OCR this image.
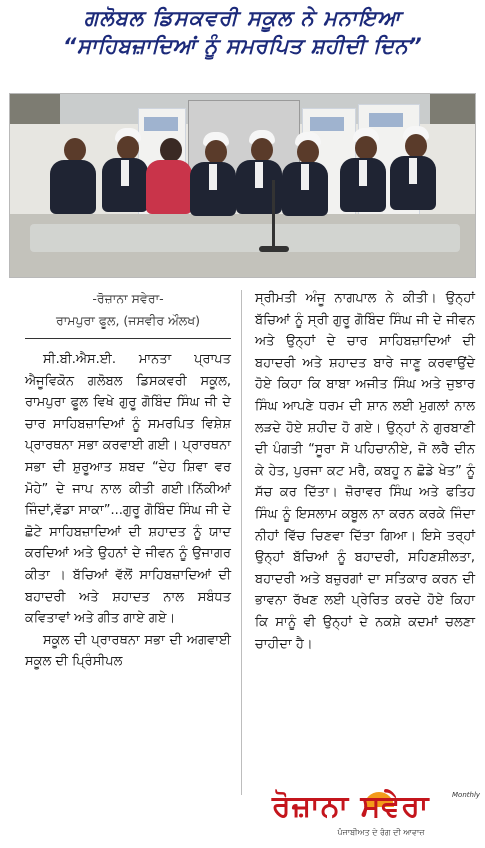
ਗਲੋਬਲ ਡਿਸਕਵਰੀ ਸਕੂਲ ਨੇ ਮਨਾਇਆ
“ਸਾਹਿਬਜ਼ਾਦਿਆਂ ਨੂੰ ਸਮਰਪਿਤ ਸ਼ਹੀਦੀ ਦਿਨ”
-ਰੋਜ਼ਾਨਾ ਸਵੇਰਾ-
ਰਾਮਪੁਰਾ ਫੂਲ, (ਜਸਵੀਰ ਔਲਖ)

ਸੀ.ਬੀ.ਐਸ.ਈ. ਮਾਨਤਾ ਪ੍ਰਾਪਤ ਐਜੂਵਿਕੋਨ ਗਲੋਬਲ ਡਿਸਕਵਰੀ ਸਕੂਲ, ਰਾਮਪੁਰਾ ਫੂਲ ਵਿਖੇ ਗੁਰੂ ਗੋਬਿੰਦ ਸਿੰਘ ਜੀ ਦੇ ਚਾਰ ਸਾਹਿਬਜ਼ਾਦਿਆਂ ਨੂੰ ਸਮਰਪਿਤ ਵਿਸ਼ੇਸ਼ ਪ੍ਰਾਰਥਨਾ ਸਭਾ ਕਰਵਾਈ ਗਈ। ਪ੍ਰਾਰਥਨਾ ਸਭਾ ਦੀ ਸ਼ੁਰੂਆਤ ਸ਼ਬਦ “ਦੇਹ ਸ਼ਿਵਾ ਵਰ ਮੋਹੇ” ਦੇ ਜਾਪ ਨਾਲ ਕੀਤੀ ਗਈ।ਨਿੱਕੀਆਂ ਜਿੰਦਾਂ,ਵੱਡਾ ਸਾਕਾ”...ਗੁਰੂ ਗੋਬਿੰਦ ਸਿੰਘ ਜੀ ਦੇ ਛੋਟੇ ਸਾਹਿਬਜ਼ਾਦਿਆਂ ਦੀ ਸ਼ਹਾਦਤ ਨੂੰ ਯਾਦ ਕਰਦਿਆਂ ਅਤੇ ਉਹਨਾਂ ਦੇ ਜੀਵਨ ਨੂੰ ਉਜਾਗਰ ਕੀਤਾ । ਬੱਚਿਆਂ ਵੱਲੋਂ ਸਾਹਿਬਜ਼ਾਦਿਆਂ ਦੀ ਬਹਾਦਰੀ ਅਤੇ ਸ਼ਹਾਦਤ ਨਾਲ ਸਬੰਧਤ ਕਵਿਤਾਵਾਂ ਅਤੇ ਗੀਤ ਗਾਏ ਗਏ।

ਸਕੂਲ ਦੀ ਪ੍ਰਾਰਥਨਾ ਸਭਾ ਦੀ ਅਗਵਾਈ ਸਕੂਲ ਦੀ ਪ੍ਰਿੰਸੀਪਲ

ਸ੍ਰੀਮਤੀ ਅੰਜੂ ਨਾਗਪਾਲ ਨੇ ਕੀਤੀ। ਉਨ੍ਹਾਂ ਬੱਚਿਆਂ ਨੂੰ ਸ੍ਰੀ ਗੁਰੂ ਗੋਬਿੰਦ ਸਿੰਘ ਜੀ ਦੇ ਜੀਵਨ ਅਤੇ ਉਨ੍ਹਾਂ ਦੇ ਚਾਰ ਸਾਹਿਬਜ਼ਾਦਿਆਂ ਦੀ ਬਹਾਦਰੀ ਅਤੇ ਸ਼ਹਾਦਤ ਬਾਰੇ ਜਾਣੂ ਕਰਵਾਉਂਦੇ ਹੋਏ ਕਿਹਾ ਕਿ ਬਾਬਾ ਅਜੀਤ ਸਿੰਘ ਅਤੇ ਜੁਝਾਰ ਸਿੰਘ ਆਪਣੇ ਧਰਮ ਦੀ ਸ਼ਾਨ ਲਈ ਮੁਗਲਾਂ ਨਾਲ ਲੜਦੇ ਹੋਏ ਸ਼ਹੀਦ ਹੋ ਗਏ। ਉਨ੍ਹਾਂ ਨੇ ਗੁਰਬਾਣੀ ਦੀ ਪੰਗਤੀ “ਸੂਰਾ ਸੋ ਪਹਿਚਾਨੀਏ, ਜੋ ਲਰੈ ਦੀਨ ਕੇ ਹੇਤ, ਪੁਰਜਾ ਕਟ ਮਰੈ, ਕਬਹੂ ਨ ਛੋਡੇ ਖੇਤ” ਨੂੰ ਸੱਚ ਕਰ ਦਿੱਤਾ। ਜ਼ੋਰਾਵਰ ਸਿੰਘ ਅਤੇ ਫਤਿਹ ਸਿੰਘ ਨੂੰ ਇਸਲਾਮ ਕਬੂਲ ਨਾ ਕਰਨ ਕਰਕੇ ਜਿੰਦਾ ਨੀਹਾਂ ਵਿੱਚ ਚਿਣਵਾ ਦਿੱਤਾ ਗਿਆ। ਇਸੇ ਤਰ੍ਹਾਂ ਉਨ੍ਹਾਂ ਬੱਚਿਆਂ ਨੂੰ ਬਹਾਦਰੀ, ਸਹਿਣਸ਼ੀਲਤਾ, ਬਹਾਦਰੀ ਅਤੇ ਬਜ਼ੁਰਗਾਂ ਦਾ ਸਤਿਕਾਰ ਕਰਨ ਦੀ ਭਾਵਨਾ ਰੱਖਣ ਲਈ ਪ੍ਰੇਰਿਤ ਕਰਦੇ ਹੋਏ ਕਿਹਾ ਕਿ ਸਾਨੂੰ ਵੀ ਉਨ੍ਹਾਂ ਦੇ ਨਕਸ਼ੇ ਕਦਮਾਂ ਚਲਣਾ ਚਾਹੀਦਾ ਹੈ।

ਰੋਜ਼ਾਨਾ ਸਵੇਰਾ	Monthly
ਪੰਜਾਬੀਅਤ ਦੇ ਰੰਗ ਦੀ ਆਵਾਜ਼
